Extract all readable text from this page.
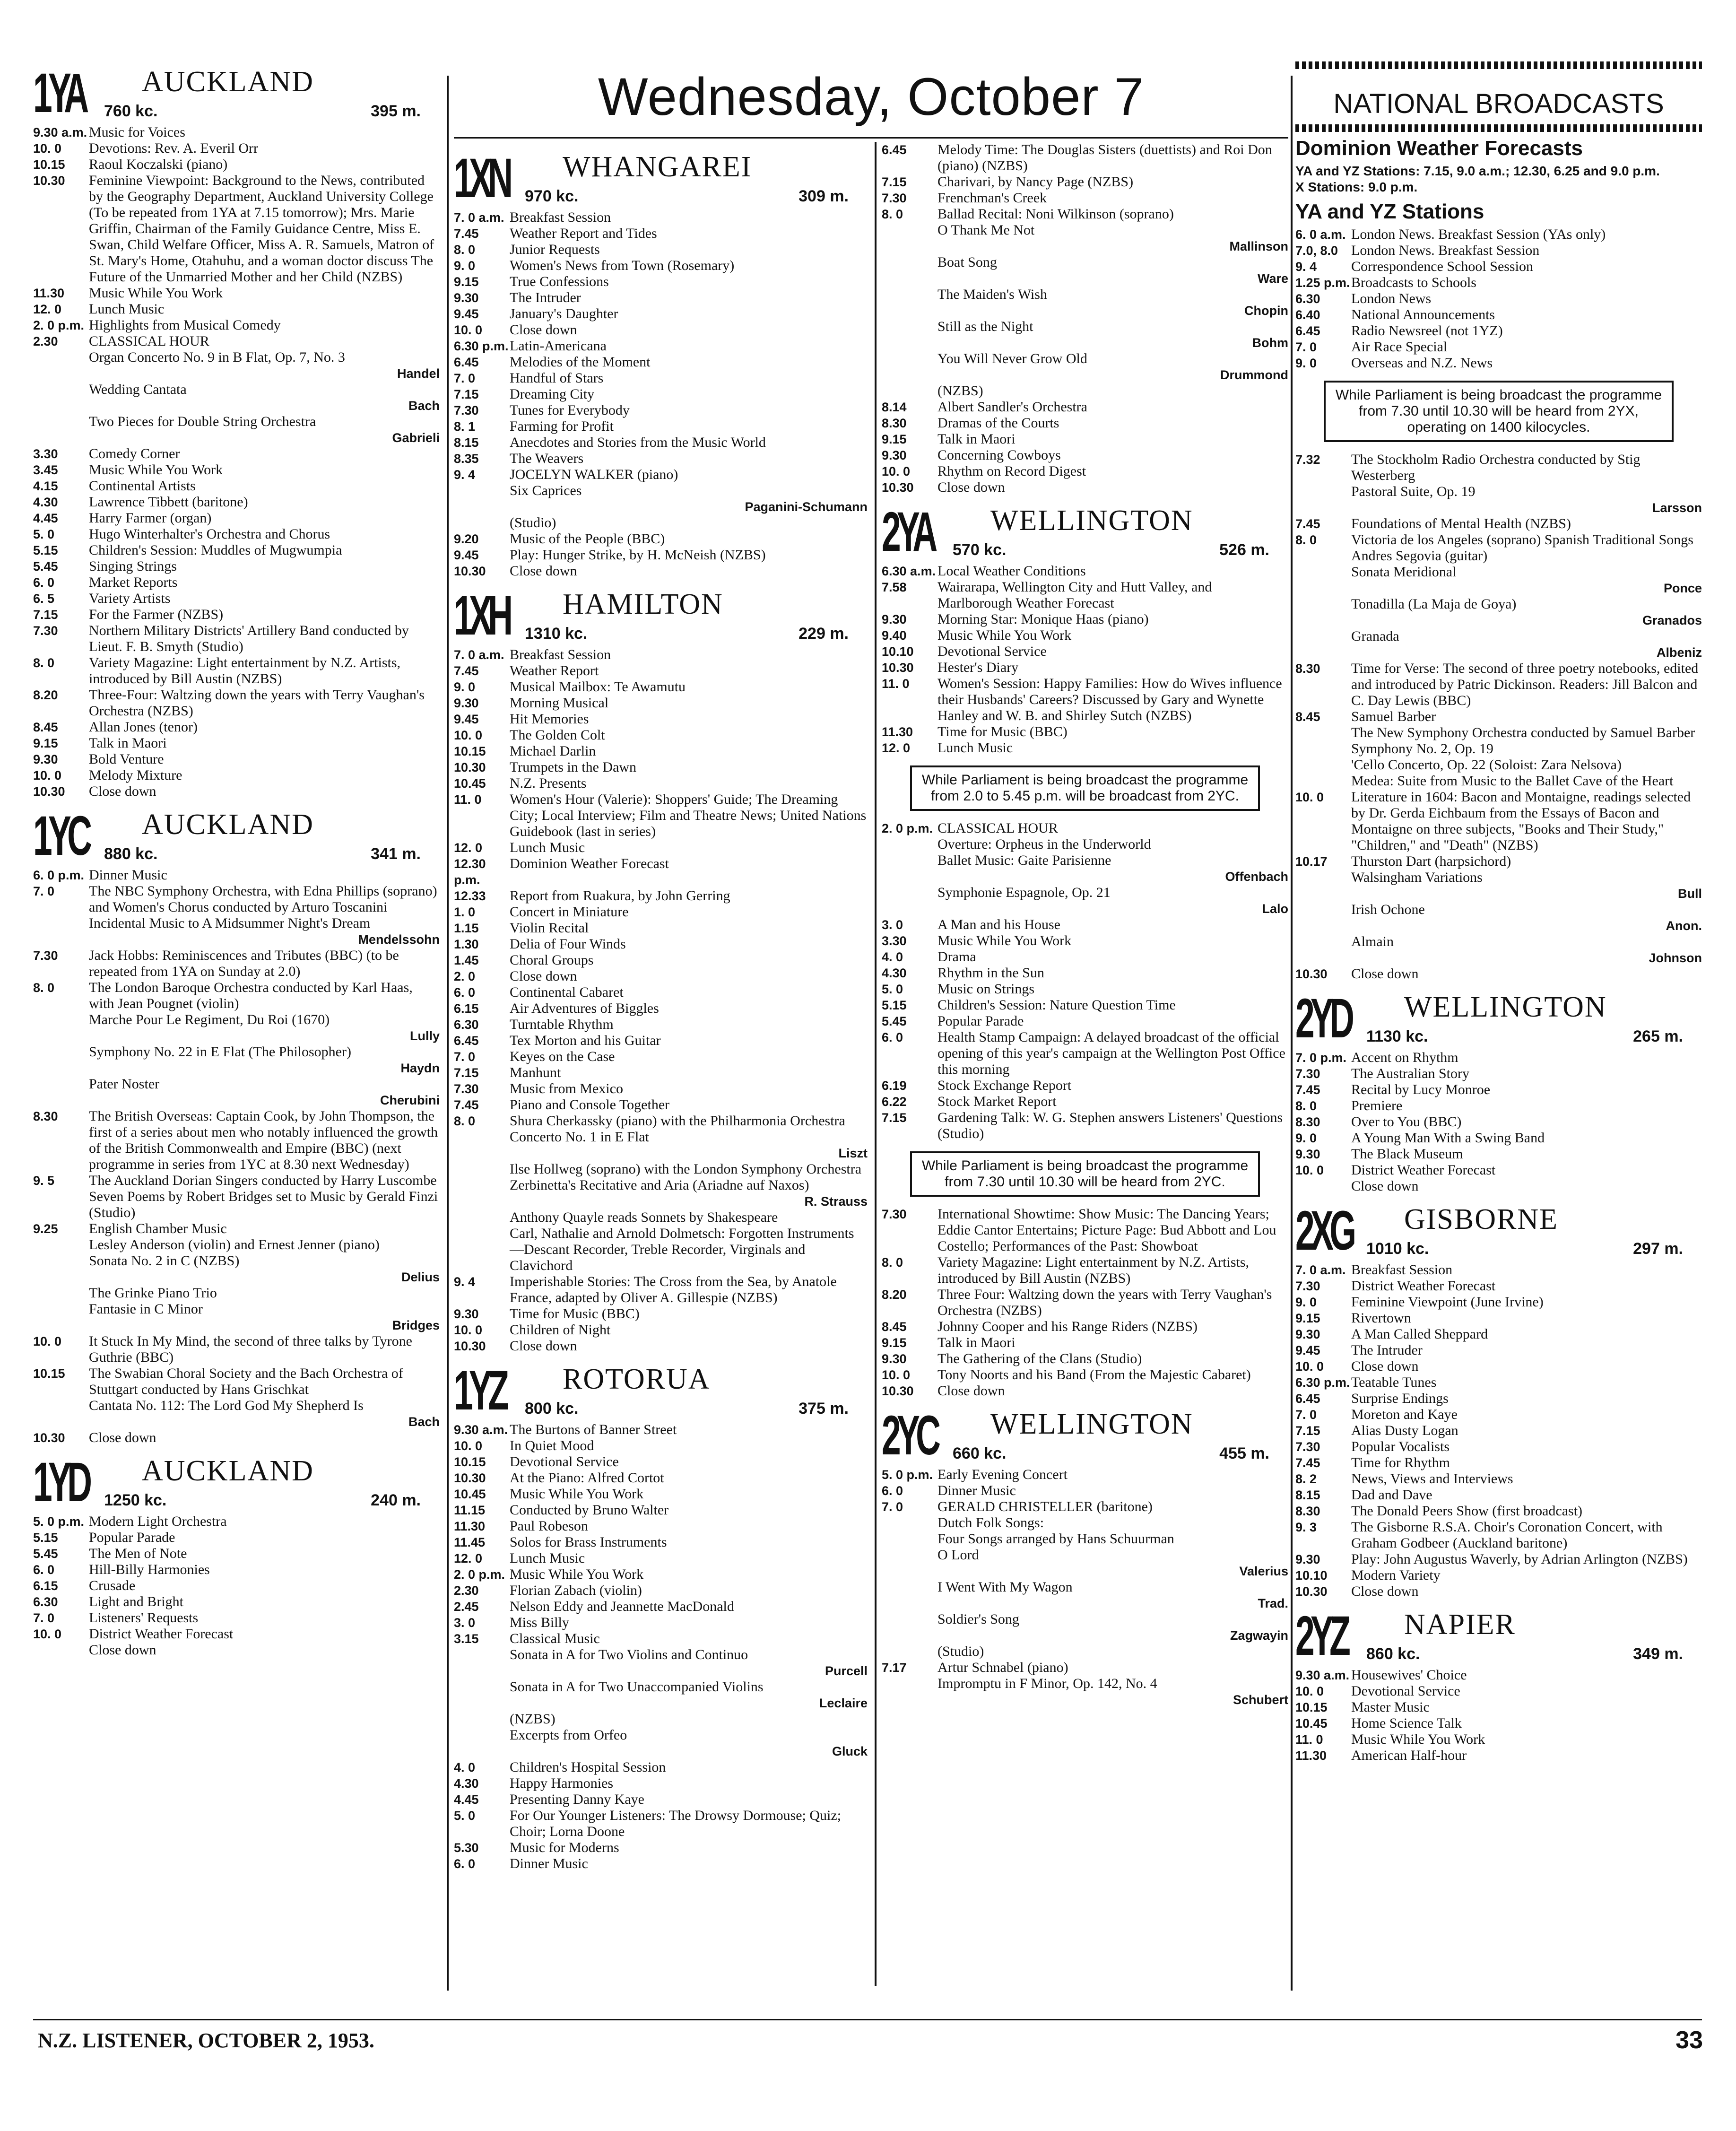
Wednesday, October 7
1YA AUCKLAND
760 kc.	395 m.
9.30 a.m. Music for Voices
10. 0	Devotions: Rev. A. Everil Orr
10.15	Raoul Koczalski (piano)
10.30	Feminine Viewpoint: Background to the News, contributed by the Geography Department, Auckland University College (To be repeated from 1YA at 7.15 tomorrow); Mrs. Marie Griffin, Chairman of the Family Guidance Centre, Miss E. Swan, Child Welfare Officer, Miss A. R. Samuels, Matron of St. Mary's Home, Otahuhu, and a woman doctor discuss The Future of the Unmarried Mother and her Child (NZBS)
11.30	Music While You Work
12. 0	Lunch Music
2. 0 p.m. Highlights from Musical Comedy
2.30	CLASSICAL HOUR
Organ Concerto No. 9 in B Flat, Op. 7, No. 3
Handel
Wedding Cantata
Bach
Two Pieces for Double String Orchestra
Gabrieli
3.30	Comedy Corner
3.45	Music While You Work
4.15	Continental Artists
4.30	Lawrence Tibbett (baritone)
4.45	Harry Farmer (organ)
5. 0	Hugo Winterhalter's Orchestra and Chorus
5.15	Children's Session: Muddles of Mugwumpia
5.45	Singing Strings
6. 0	Market Reports
6. 5	Variety Artists
7.15	For the Farmer (NZBS)
7.30	Northern Military Districts' Artillery Band conducted by Lieut. F. B. Smyth (Studio)
8. 0	Variety Magazine: Light entertainment by N.Z. Artists, introduced by Bill Austin (NZBS)
8.20	Three-Four: Waltzing down the years with Terry Vaughan's Orchestra (NZBS)
8.45	Allan Jones (tenor)
9.15	Talk in Maori
9.30	Bold Venture
10. 0	Melody Mixture
10.30	Close down
1YC AUCKLAND
880 kc.	341 m.
6. 0 p.m. Dinner Music
7. 0	The NBC Symphony Orchestra, with Edna Phillips (soprano) and Women's Chorus conducted by Arturo Toscanini
Incidental Music to A Midsummer Night's Dream
Mendelssohn
7.30	Jack Hobbs: Reminiscences and Tributes (BBC) (to be repeated from 1YA on Sunday at 2.0)
8. 0	The London Baroque Orchestra conducted by Karl Haas, with Jean Pougnet (violin)
Marche Pour Le Regiment, Du Roi (1670)
Lully
Symphony No. 22 in E Flat (The Philosopher)
Haydn
Pater Noster
Cherubini
8.30	The British Overseas: Captain Cook, by John Thompson, the first of a series about men who notably influenced the growth of the British Commonwealth and Empire (BBC) (next programme in series from 1YC at 8.30 next Wednesday)
9. 5	The Auckland Dorian Singers conducted by Harry Luscombe
Seven Poems by Robert Bridges set to Music by Gerald Finzi (Studio)
9.25	English Chamber Music
Lesley Anderson (violin) and Ernest Jenner (piano)
Sonata No. 2 in C (NZBS)
Delius
The Grinke Piano Trio
Fantasie in C Minor
Bridges
10. 0	It Stuck In My Mind, the second of three talks by Tyrone Guthrie (BBC)
10.15	The Swabian Choral Society and the Bach Orchestra of Stuttgart conducted by Hans Grischkat
Cantata No. 112: The Lord God My Shepherd Is
Bach
10.30	Close down
1YD AUCKLAND
1250 kc.	240 m.
5. 0 p.m. Modern Light Orchestra
5.15	Popular Parade
5.45	The Men of Note
6. 0	Hill-Billy Harmonies
6.15	Crusade
6.30	Light and Bright
7. 0	Listeners' Requests
10. 0	District Weather Forecast
Close down
1XN WHANGAREI
970 kc.	309 m.
7. 0 a.m. Breakfast Session
7.45	Weather Report and Tides
8. 0	Junior Requests
9. 0	Women's News from Town (Rosemary)
9.15	True Confessions
9.30	The Intruder
9.45	January's Daughter
10. 0	Close down
6.30 p.m. Latin-Americana
6.45	Melodies of the Moment
7. 0	Handful of Stars
7.15	Dreaming City
7.30	Tunes for Everybody
8. 1	Farming for Profit
8.15	Anecdotes and Stories from the Music World
8.35	The Weavers
9. 4	JOCELYN WALKER (piano)
Six Caprices
Paganini-Schumann
(Studio)
9.20	Music of the People (BBC)
9.45	Play: Hunger Strike, by H. McNeish (NZBS)
10.30	Close down
1XH HAMILTON
1310 kc.	229 m.
7. 0 a.m. Breakfast Session
7.45	Weather Report
9. 0	Musical Mailbox: Te Awamutu
9.30	Morning Musical
9.45	Hit Memories
10. 0	The Golden Colt
10.15	Michael Darlin
10.30	Trumpets in the Dawn
10.45	N.Z. Presents
11. 0	Women's Hour (Valerie): Shoppers' Guide; The Dreaming City; Local Interview; Film and Theatre News; United Nations Guidebook (last in series)
12. 0	Lunch Music
12.30 p.m.
Dominion Weather Forecast
12.33	Report from Ruakura, by John Gerring
1. 0	Concert in Miniature
1.15	Violin Recital
1.30	Delia of Four Winds
1.45	Choral Groups
2. 0	Close down
6. 0	Continental Cabaret
6.15	Air Adventures of Biggles
6.30	Turntable Rhythm
6.45	Tex Morton and his Guitar
7. 0	Keyes on the Case
7.15	Manhunt
7.30	Music from Mexico
7.45	Piano and Console Together
8. 0	Shura Cherkassky (piano) with the Philharmonia Orchestra
Concerto No. 1 in E Flat
Liszt
Ilse Hollweg (soprano) with the London Symphony Orchestra
Zerbinetta's Recitative and Aria (Ariadne auf Naxos)
R. Strauss
Anthony Quayle reads Sonnets by Shakespeare
Carl, Nathalie and Arnold Dolmetsch: Forgotten Instruments—Descant Recorder, Treble Recorder, Virginals and Clavichord
9. 4	Imperishable Stories: The Cross from the Sea, by Anatole France, adapted by Oliver A. Gillespie (NZBS)
9.30	Time for Music (BBC)
10. 0	Children of Night
10.30	Close down
1YZ ROTORUA
800 kc.	375 m.
9.30 a.m. The Burtons of Banner Street
10. 0	In Quiet Mood
10.15	Devotional Service
10.30	At the Piano: Alfred Cortot
10.45	Music While You Work
11.15	Conducted by Bruno Walter
11.30	Paul Robeson
11.45	Solos for Brass Instruments
12. 0	Lunch Music
2. 0 p.m. Music While You Work
2.30	Florian Zabach (violin)
2.45	Nelson Eddy and Jeannette MacDonald
3. 0	Miss Billy
3.15	Classical Music
Sonata in A for Two Violins and Continuo
Purcell
Sonata in A for Two Unaccompanied Violins
Leclaire
(NZBS)
Excerpts from Orfeo
Gluck
4. 0	Children's Hospital Session
4.30	Happy Harmonies
4.45	Presenting Danny Kaye
5. 0	For Our Younger Listeners: The Drowsy Dormouse; Quiz; Choir; Lorna Doone
5.30	Music for Moderns
6. 0	Dinner Music
6.45	Melody Time: The Douglas Sisters (duettists) and Roi Don (piano) (NZBS)
7.15	Charivari, by Nancy Page (NZBS)
7.30	Frenchman's Creek
8. 0	Ballad Recital: Noni Wilkinson (soprano)
O Thank Me Not
Mallinson
Boat Song
Ware
The Maiden's Wish
Chopin
Still as the Night
Bohm
You Will Never Grow Old
Drummond
(NZBS)
8.14	Albert Sandler's Orchestra
8.30	Dramas of the Courts
9.15	Talk in Maori
9.30	Concerning Cowboys
10. 0	Rhythm on Record Digest
10.30	Close down
2YA WELLINGTON
570 kc.	526 m.
6.30 a.m. Local Weather Conditions
7.58	Wairarapa, Wellington City and Hutt Valley, and Marlborough Weather Forecast
9.30	Morning Star: Monique Haas (piano)
9.40	Music While You Work
10.10	Devotional Service
10.30	Hester's Diary
11. 0	Women's Session: Happy Families: How do Wives influence their Husbands' Careers? Discussed by Gary and Wynette Hanley and W. B. and Shirley Sutch (NZBS)
11.30	Time for Music (BBC)
12. 0	Lunch Music
While Parliament is being broadcast the programme from 2.0 to 5.45 p.m. will be broadcast from 2YC.
2. 0 p.m. CLASSICAL HOUR
Overture: Orpheus in the Underworld
Ballet Music: Gaite Parisienne
Offenbach
Symphonie Espagnole, Op. 21
Lalo
3. 0	A Man and his House
3.30	Music While You Work
4. 0	Drama
4.30	Rhythm in the Sun
5. 0	Music on Strings
5.15	Children's Session: Nature Question Time
5.45	Popular Parade
6. 0	Health Stamp Campaign: A delayed broadcast of the official opening of this year's campaign at the Wellington Post Office this morning
6.19	Stock Exchange Report
6.22	Stock Market Report
7.15	Gardening Talk: W. G. Stephen answers Listeners' Questions (Studio)
While Parliament is being broadcast the programme from 7.30 until 10.30 will be heard from 2YC.
7.30	International Showtime: Show Music: The Dancing Years; Eddie Cantor Entertains; Picture Page: Bud Abbott and Lou Costello; Performances of the Past: Showboat
8. 0	Variety Magazine: Light entertainment by N.Z. Artists, introduced by Bill Austin (NZBS)
8.20	Three Four: Waltzing down the years with Terry Vaughan's Orchestra (NZBS)
8.45	Johnny Cooper and his Range Riders (NZBS)
9.15	Talk in Maori
9.30	The Gathering of the Clans (Studio)
10. 0	Tony Noorts and his Band (From the Majestic Cabaret)
10.30	Close down
2YC WELLINGTON
660 kc.	455 m.
5. 0 p.m. Early Evening Concert
6. 0	Dinner Music
7. 0	GERALD CHRISTELLER (baritone)
Dutch Folk Songs:
Four Songs arranged by Hans Schuurman
O Lord
Valerius
I Went With My Wagon
Trad.
Soldier's Song
Zagwayin
(Studio)
7.17	Artur Schnabel (piano)
Impromptu in F Minor, Op. 142, No. 4
Schubert
NATIONAL BROADCASTS
Dominion Weather Forecasts
YA and YZ Stations: 7.15, 9.0 a.m.; 12.30, 6.25 and 9.0 p.m.
X Stations: 9.0 p.m.
YA and YZ Stations
6. 0 a.m. London News. Breakfast Session (YAs only)
7.0, 8.0 London News. Breakfast Session
9. 4	Correspondence School Session
1.25 p.m. Broadcasts to Schools
6.30	London News
6.40	National Announcements
6.45	Radio Newsreel (not 1YZ)
7. 0	Air Race Special
9. 0	Overseas and N.Z. News
While Parliament is being broadcast the programme from 7.30 until 10.30 will be heard from 2YX, operating on 1400 kilocycles.
7.32	The Stockholm Radio Orchestra conducted by Stig Westerberg
Pastoral Suite, Op. 19
Larsson
7.45	Foundations of Mental Health (NZBS)
8. 0	Victoria de los Angeles (soprano) Spanish Traditional Songs
Andres Segovia (guitar)
Sonata Meridional
Ponce
Tonadilla (La Maja de Goya)
Granados
Granada
Albeniz
8.30	Time for Verse: The second of three poetry notebooks, edited and introduced by Patric Dickinson. Readers: Jill Balcon and C. Day Lewis (BBC)
8.45	Samuel Barber
The New Symphony Orchestra conducted by Samuel Barber
Symphony No. 2, Op. 19
'Cello Concerto, Op. 22 (Soloist: Zara Nelsova)
Medea: Suite from Music to the Ballet Cave of the Heart
10. 0	Literature in 1604: Bacon and Montaigne, readings selected by Dr. Gerda Eichbaum from the Essays of Bacon and Montaigne on three subjects, "Books and Their Study," "Children," and "Death" (NZBS)
10.17	Thurston Dart (harpsichord)
Walsingham Variations
Bull
Irish Ochone
Anon.
Almain
Johnson
10.30	Close down
2YD WELLINGTON
1130 kc.	265 m.
7. 0 p.m. Accent on Rhythm
7.30	The Australian Story
7.45	Recital by Lucy Monroe
8. 0	Premiere
8.30	Over to You (BBC)
9. 0	A Young Man With a Swing Band
9.30	The Black Museum
10. 0	District Weather Forecast
Close down
2XG GISBORNE
1010 kc.	297 m.
7. 0 a.m. Breakfast Session
7.30	District Weather Forecast
9. 0	Feminine Viewpoint (June Irvine)
9.15	Rivertown
9.30	A Man Called Sheppard
9.45	The Intruder
10. 0	Close down
6.30 p.m. Teatable Tunes
6.45	Surprise Endings
7. 0	Moreton and Kaye
7.15	Alias Dusty Logan
7.30	Popular Vocalists
7.45	Time for Rhythm
8. 2	News, Views and Interviews
8.15	Dad and Dave
8.30	The Donald Peers Show (first broadcast)
9. 3	The Gisborne R.S.A. Choir's Coronation Concert, with Graham Godbeer (Auckland baritone)
9.30	Play: John Augustus Waverly, by Adrian Arlington (NZBS)
10.10	Modern Variety
10.30	Close down
2YZ NAPIER
860 kc.	349 m.
9.30 a.m. Housewives' Choice
10. 0	Devotional Service
10.15	Master Music
10.45	Home Science Talk
11. 0	Music While You Work
11.30	American Half-hour
N.Z. LISTENER, OCTOBER 2, 1953.	33
